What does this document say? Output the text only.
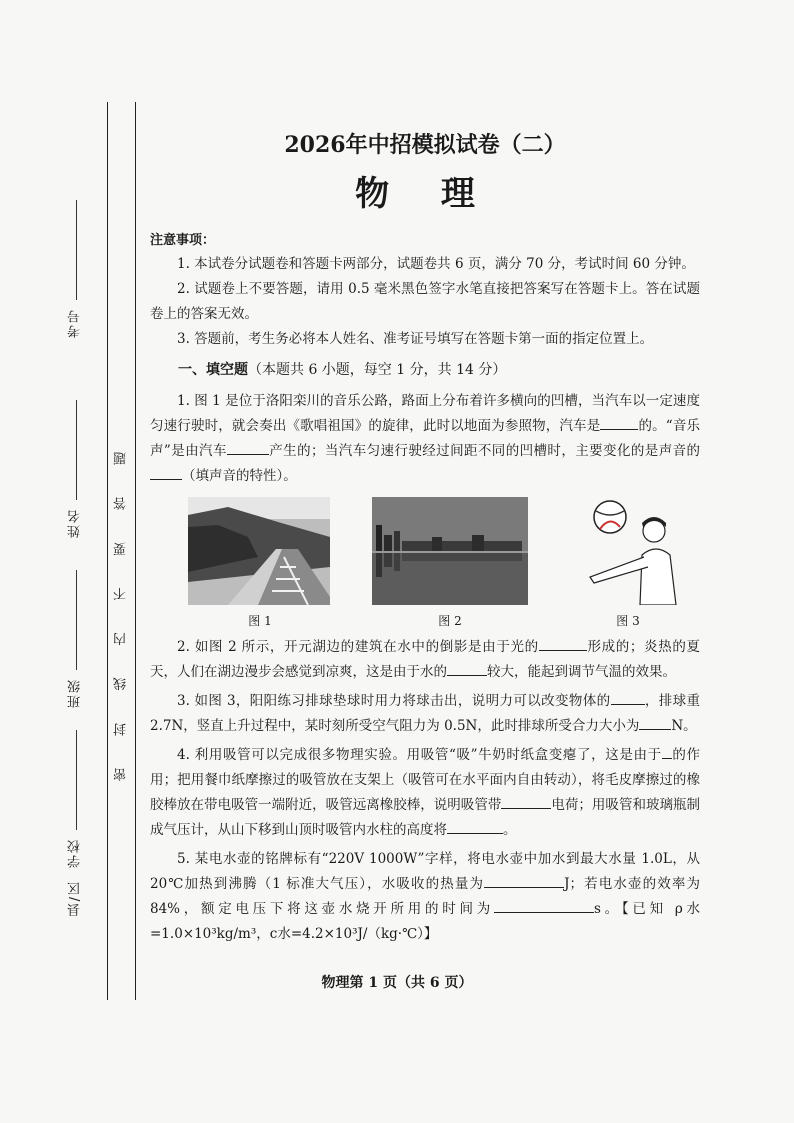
考号
姓名
班级
学校
县/区
密 封 线 内 不 要 答 题
2026年中招模拟试卷（二）
物 理
注意事项：

1. 本试卷分试题卷和答题卡两部分，试题卷共 6 页，满分 70 分，考试时间 60 分钟。

2. 试题卷上不要答题，请用 0.5 毫米黑色签字水笔直接把答案写在答题卡上。答在试题卷上的答案无效。

3. 答题前，考生务必将本人姓名、准考证号填写在答题卡第一面的指定位置上。

一、填空题（本题共 6 小题，每空 1 分，共 14 分）

1. 图 1 是位于洛阳栾川的音乐公路，路面上分布着许多横向的凹槽，当汽车以一定速度匀速行驶时，就会奏出《歌唱祖国》的旋律，此时以地面为参照物，汽车是	的。“音乐声”是由汽车	产生的；当汽车匀速行驶经过间距不同的凹槽时，主要变化的是声音的（填声音的特性）。

图 1	图 2	图 3

2. 如图 2 所示，开元湖边的建筑在水中的倒影是由于光的	形成的；炎热的夏天，人们在湖边漫步会感觉到凉爽，这是由于水的	较大，能起到调节气温的效果。

3. 如图 3，阳阳练习排球垫球时用力将球击出，说明力可以改变物体的	，排球重 2.7N，竖直上升过程中，某时刻所受空气阻力为 0.5N，此时排球所受合力大小为 N。

4. 利用吸管可以完成很多物理实验。用吸管“吸”牛奶时纸盒变瘪了，这是由于 的作用；把用餐巾纸摩擦过的吸管放在支架上（吸管可在水平面内自由转动），将毛皮摩擦过的橡胶棒放在带电吸管一端附近，吸管远离橡胶棒，说明吸管带	电荷；用吸管和玻璃瓶制成气压计，从山下移到山顶时吸管内水柱的高度将	。

5. 某电水壶的铭牌标有“220V 1000W”字样，将电水壶中加水到最大水量 1.0L，从 20℃加热到沸腾（1 标准大气压），水吸收的热量为	J；若电水壶的效率为 84%，额定电压下将这壶水烧开所用的时间为	s。【已知 ρ水=1.0×10³kg/m³，c水=4.2×10³J/（kg·℃）】

物理第 1 页（共 6 页）
